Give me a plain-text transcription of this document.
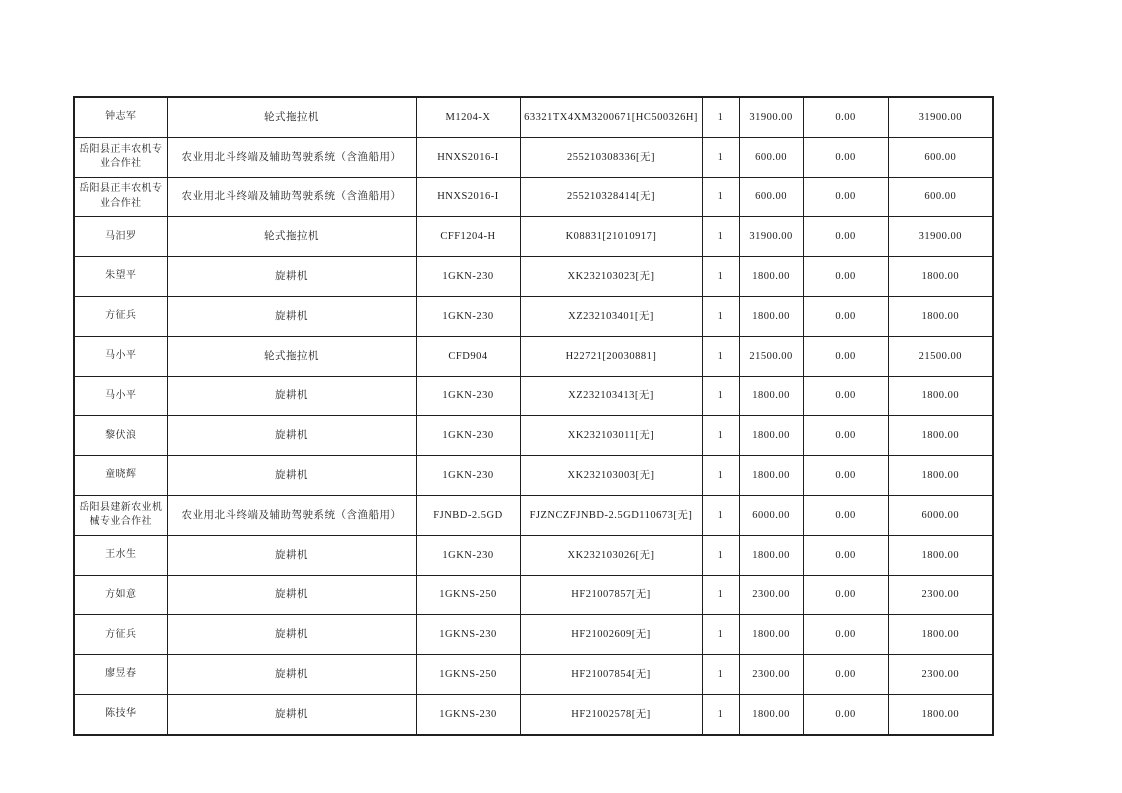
钟志军	轮式拖拉机	M1204-X	63321TX4XM3200671[HC500326H]	1	31900.00	0.00	31900.00
岳阳县正丰农机专业合作社	农业用北斗终端及辅助驾驶系统（含渔船用）	HNXS2016-I	255210308336[无]	1	600.00	0.00	600.00
岳阳县正丰农机专业合作社	农业用北斗终端及辅助驾驶系统（含渔船用）	HNXS2016-I	255210328414[无]	1	600.00	0.00	600.00
马汨罗	轮式拖拉机	CFF1204-H	K08831[21010917]	1	31900.00	0.00	31900.00
朱望平	旋耕机	1GKN-230	XK232103023[无]	1	1800.00	0.00	1800.00
方征兵	旋耕机	1GKN-230	XZ232103401[无]	1	1800.00	0.00	1800.00
马小平	轮式拖拉机	CFD904	H22721[20030881]	1	21500.00	0.00	21500.00
马小平	旋耕机	1GKN-230	XZ232103413[无]	1	1800.00	0.00	1800.00
黎伏浪	旋耕机	1GKN-230	XK232103011[无]	1	1800.00	0.00	1800.00
童晓辉	旋耕机	1GKN-230	XK232103003[无]	1	1800.00	0.00	1800.00
岳阳县建新农业机械专业合作社	农业用北斗终端及辅助驾驶系统（含渔船用）	FJNBD-2.5GD	FJZNCZFJNBD-2.5GD110673[无]	1	6000.00	0.00	6000.00
王水生	旋耕机	1GKN-230	XK232103026[无]	1	1800.00	0.00	1800.00
方如意	旋耕机	1GKNS-250	HF21007857[无]	1	2300.00	0.00	2300.00
方征兵	旋耕机	1GKNS-230	HF21002609[无]	1	1800.00	0.00	1800.00
廖昱春	旋耕机	1GKNS-250	HF21007854[无]	1	2300.00	0.00	2300.00
陈技华	旋耕机	1GKNS-230	HF21002578[无]	1	1800.00	0.00	1800.00
